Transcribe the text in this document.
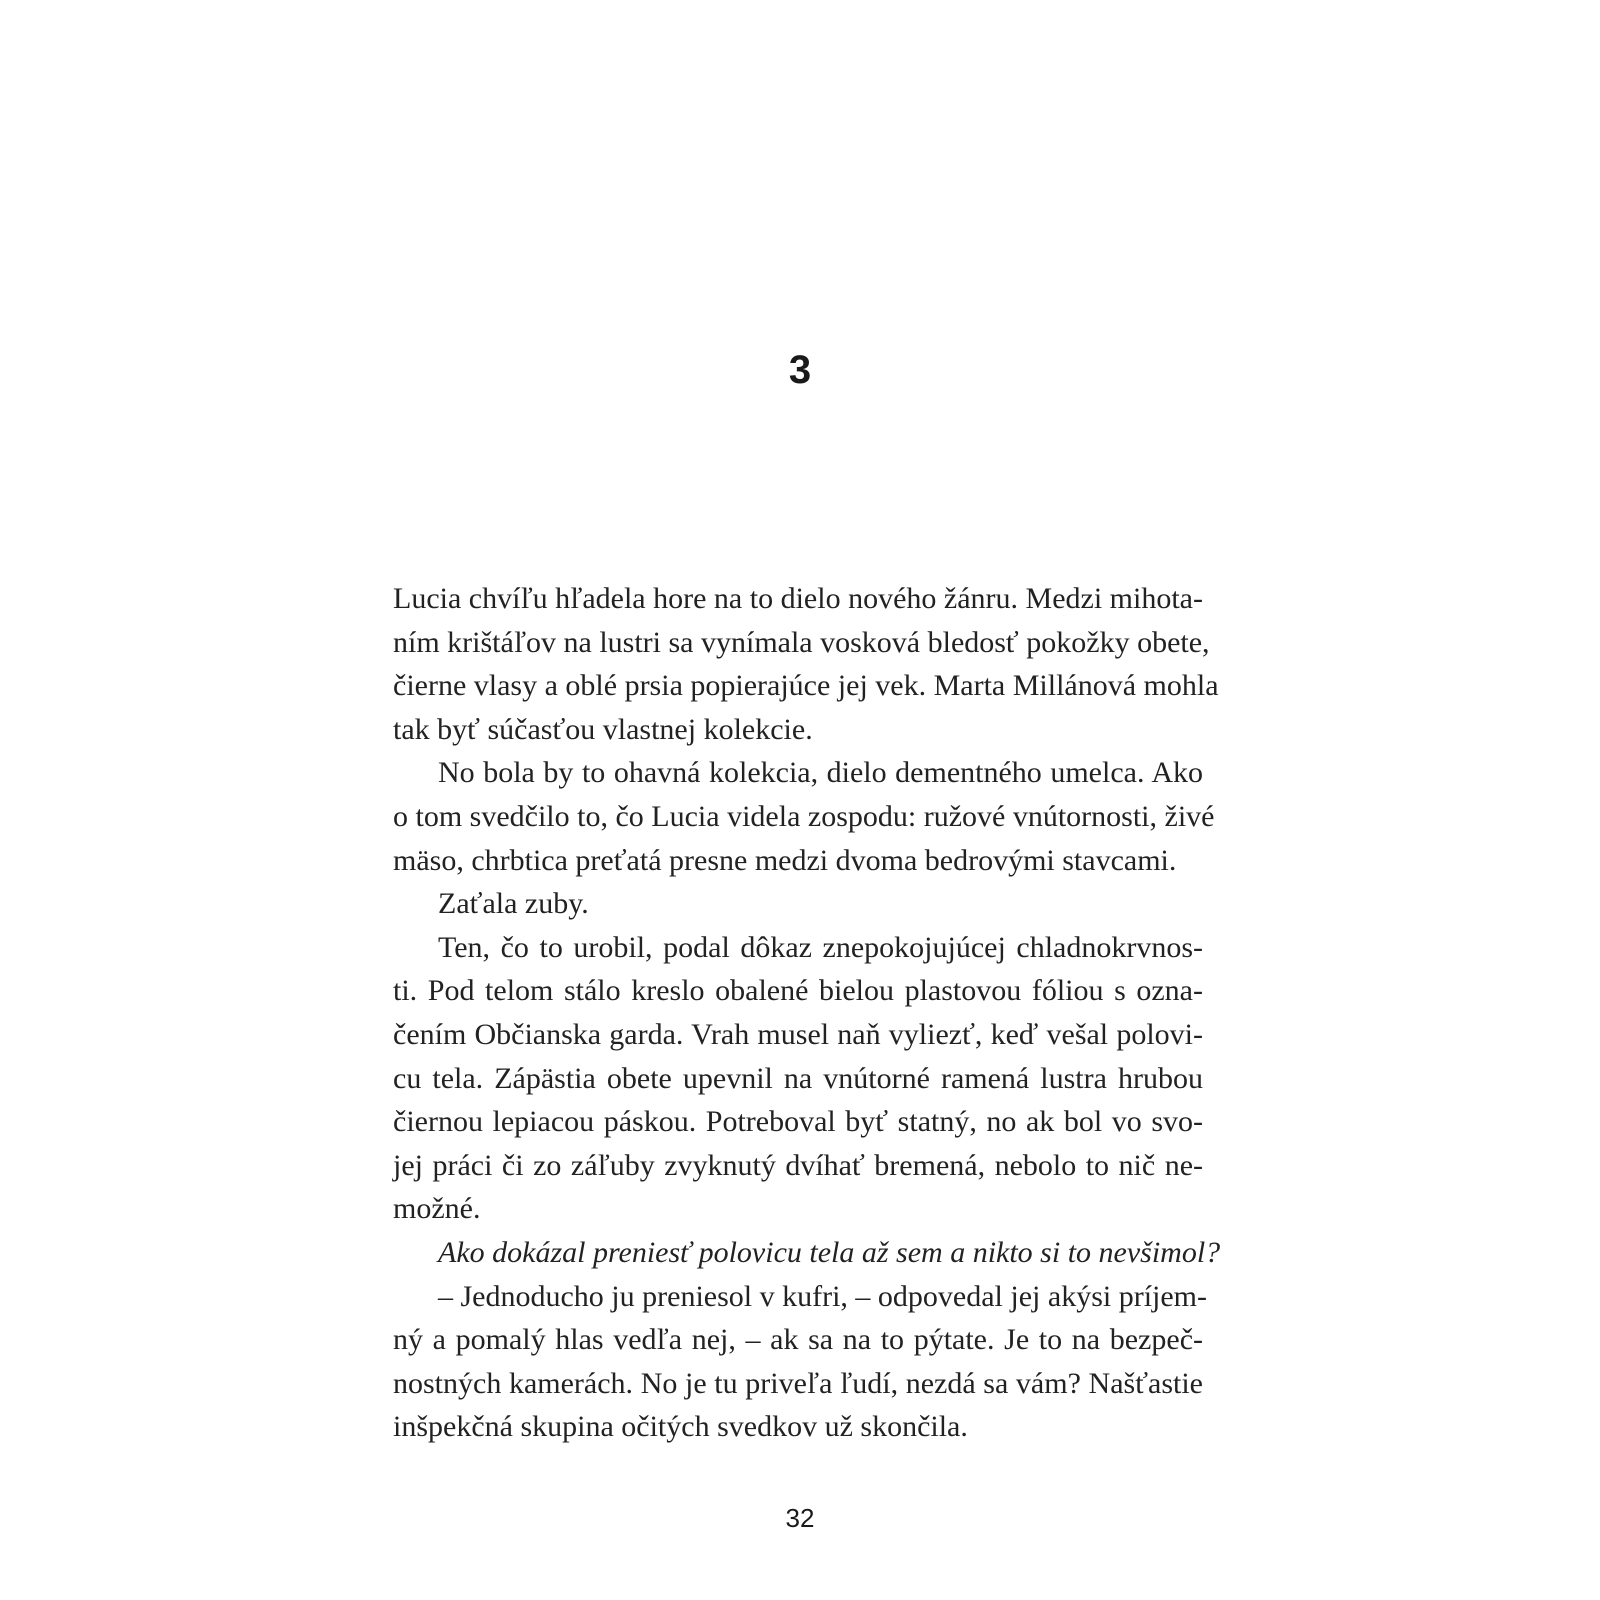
3
Lucia chvíľu hľadela hore na to dielo nového žánru. Medzi mihota-
ním krištáľov na lustri sa vynímala vosková bledosť pokožky obete,
čierne vlasy a oblé prsia popierajúce jej vek. Marta Millánová mohla
tak byť súčasťou vlastnej kolekcie.
No bola by to ohavná kolekcia, dielo dementného umelca. Ako
o tom svedčilo to, čo Lucia videla zospodu: ružové vnútornosti, živé
mäso, chrbtica preťatá presne medzi dvoma bedrovými stavcami.
Zaťala zuby.
Ten, čo to urobil, podal dôkaz znepokojujúcej chladnokrvnos-
ti. Pod telom stálo kreslo obalené bielou plastovou fóliou s ozna-
čením Občianska garda. Vrah musel naň vyliezť, keď vešal polovi-
cu tela. Zápästia obete upevnil na vnútorné ramená lustra hrubou
čiernou lepiacou páskou. Potreboval byť statný, no ak bol vo svo-
jej práci či zo záľuby zvyknutý dvíhať bremená, nebolo to nič ne-
možné.
Ako dokázal preniesť polovicu tela až sem a nikto si to nevšimol?
– Jednoducho ju preniesol v kufri, – odpovedal jej akýsi príjem-
ný a pomalý hlas vedľa nej, – ak sa na to pýtate. Je to na bezpeč-
nostných kamerách. No je tu priveľa ľudí, nezdá sa vám? Našťastie
inšpekčná skupina očitých svedkov už skončila.
32
